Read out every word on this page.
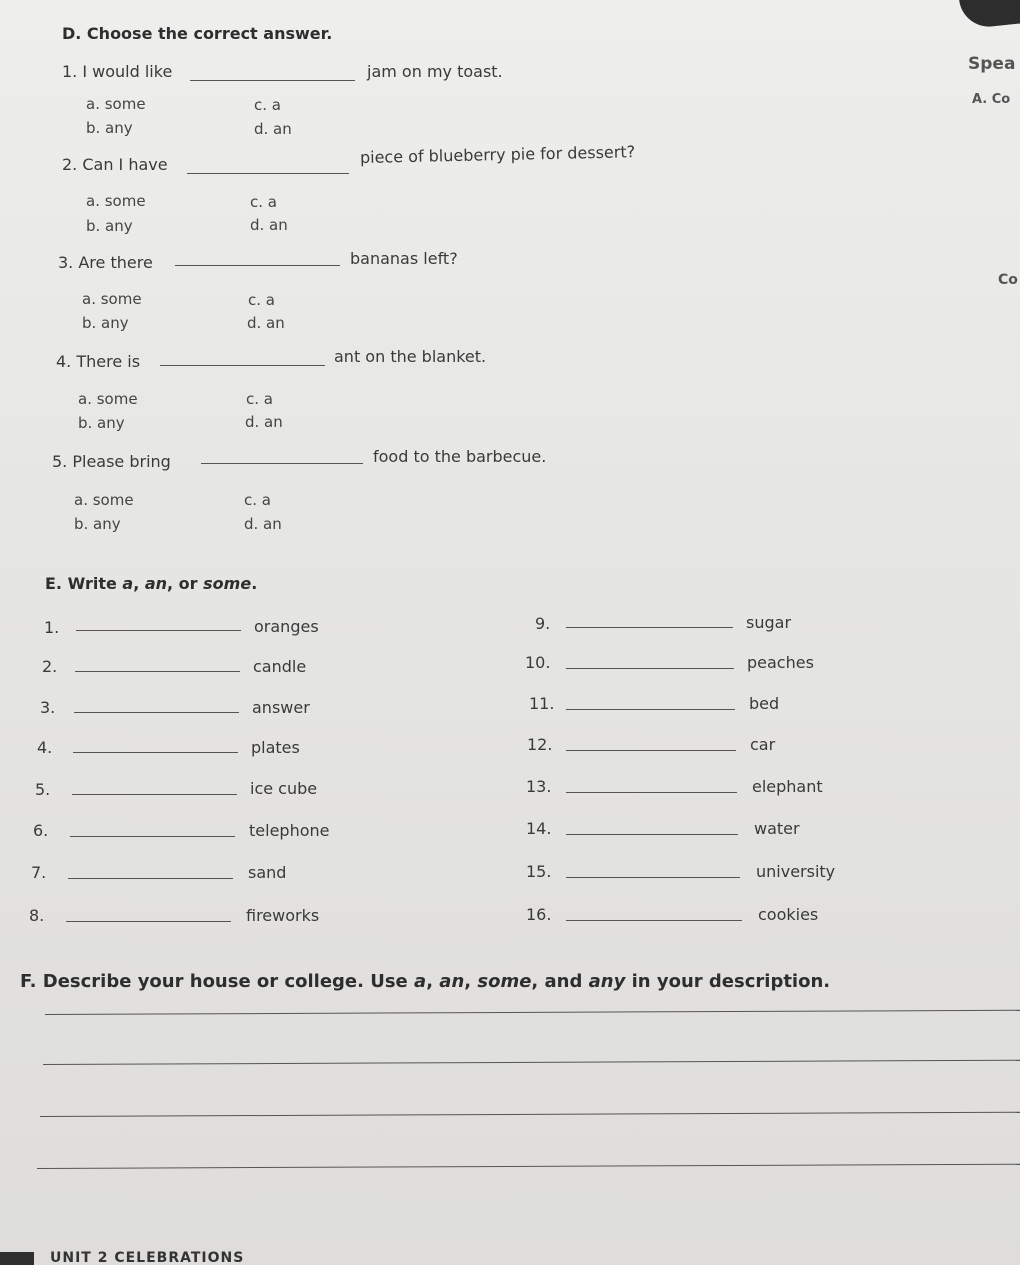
D. Choose the correct answer.
1. I would like	jam on my toast.
a. some
b. any
c. a
d. an
2. Can I have	piece of blueberry pie for dessert?
a. some
b. any
c. a
d. an
3. Are there	bananas left?
a. some
b. any
c. a
d. an
4. There is	ant on the blanket.
a. some
b. any
c. a
d. an
5. Please bring	food to the barbecue.
a. some
b. any
c. a
d. an
Spea
A. Co
Co
E. Write a, an, or some.
1.	oranges
2.	candle
3.	answer
4.	plates
5.	ice cube
6.	telephone
7.	sand
8.	fireworks
9.	sugar
10.	peaches
11.	bed
12.	car
13.	elephant
14.	water
15.	university
16.	cookies
F. Describe your house or college. Use a, an, some, and any in your description.
UNIT 2 CELEBRATIONS
